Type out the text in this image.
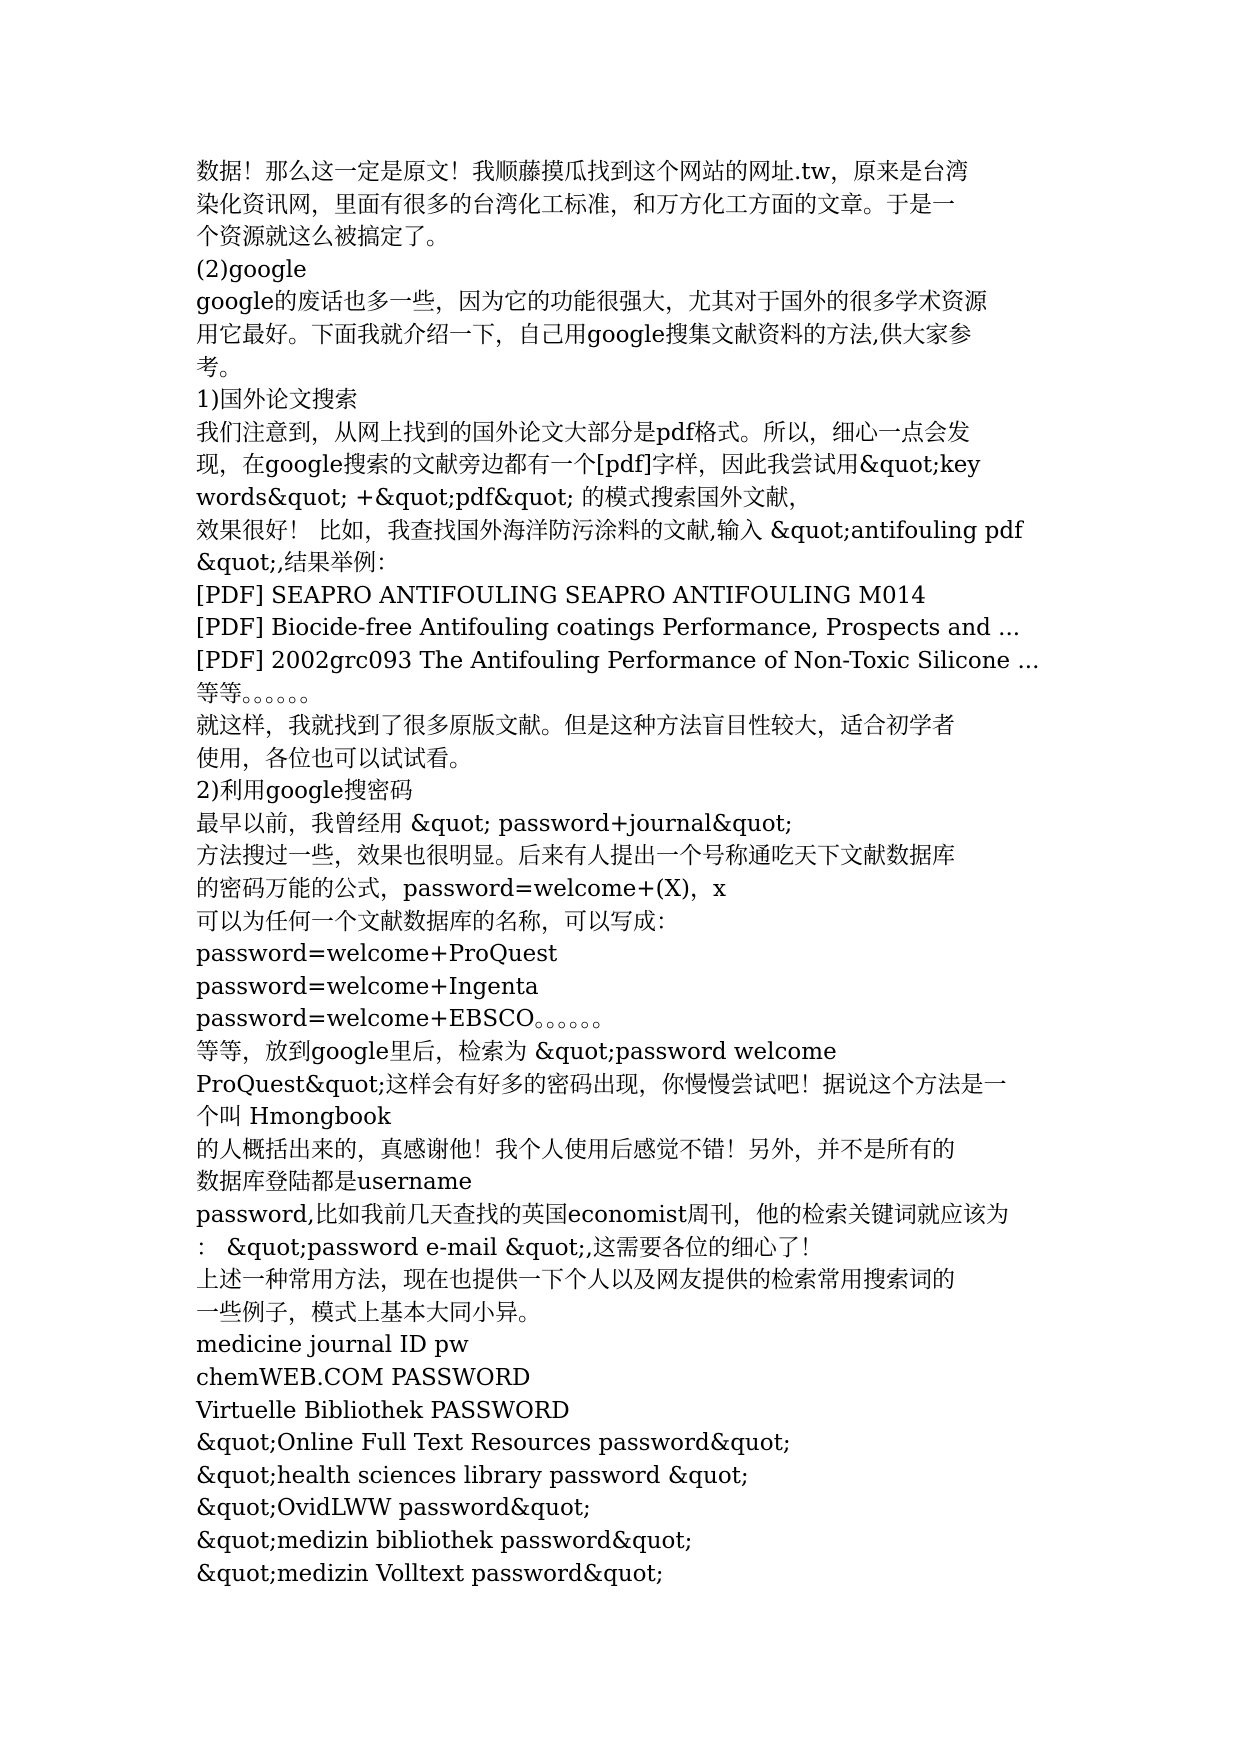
数据！那么这一定是原文！我顺藤摸瓜找到这个网站的网址.tw，原来是台湾
染化资讯网，里面有很多的台湾化工标准，和万方化工方面的文章。于是一
个资源就这么被搞定了。
(2)google
google的废话也多一些，因为它的功能很强大，尤其对于国外的很多学术资源
用它最好。下面我就介绍一下，自己用google搜集文献资料的方法,供大家参
考。
1)国外论文搜索
我们注意到，从网上找到的国外论文大部分是pdf格式。所以，细心一点会发
现，在google搜索的文献旁边都有一个[pdf]字样，因此我尝试用&quot;key
words&quot; +&quot;pdf&quot; 的模式搜索国外文献，
效果很好！ 比如，我查找国外海洋防污涂料的文献,输入 &quot;antifouling pdf
&quot;,结果举例：
[PDF] SEAPRO ANTIFOULING SEAPRO ANTIFOULING M014
[PDF] Biocide-free Antifouling coatings Performance, Prospects and ...
[PDF] 2002grc093 The Antifouling Performance of Non-Toxic Silicone ...
等等。。。。。。
就这样，我就找到了很多原版文献。但是这种方法盲目性较大，适合初学者
使用，各位也可以试试看。
2)利用google搜密码
最早以前，我曾经用 &quot; password+journal&quot;
方法搜过一些，效果也很明显。后来有人提出一个号称通吃天下文献数据库
的密码万能的公式，password=welcome+(X)，x
可以为任何一个文献数据库的名称，可以写成：
password=welcome+ProQuest
password=welcome+Ingenta
password=welcome+EBSCO。。。。。。
等等，放到google里后，检索为 &quot;password welcome
ProQuest&quot;这样会有好多的密码出现，你慢慢尝试吧！据说这个方法是一
个叫 Hmongbook
的人概括出来的，真感谢他！我个人使用后感觉不错！另外，并不是所有的
数据库登陆都是username
password,比如我前几天查找的英国economist周刊，他的检索关键词就应该为
： &quot;password e-mail &quot;,这需要各位的细心了！
上述一种常用方法，现在也提供一下个人以及网友提供的检索常用搜索词的
一些例子，模式上基本大同小异。
medicine journal ID pw
chemWEB.COM PASSWORD
Virtuelle Bibliothek PASSWORD
&quot;Online Full Text Resources password&quot;
&quot;health sciences library password &quot;
&quot;OvidLWW password&quot;
&quot;medizin bibliothek password&quot;
&quot;medizin Volltext password&quot;
